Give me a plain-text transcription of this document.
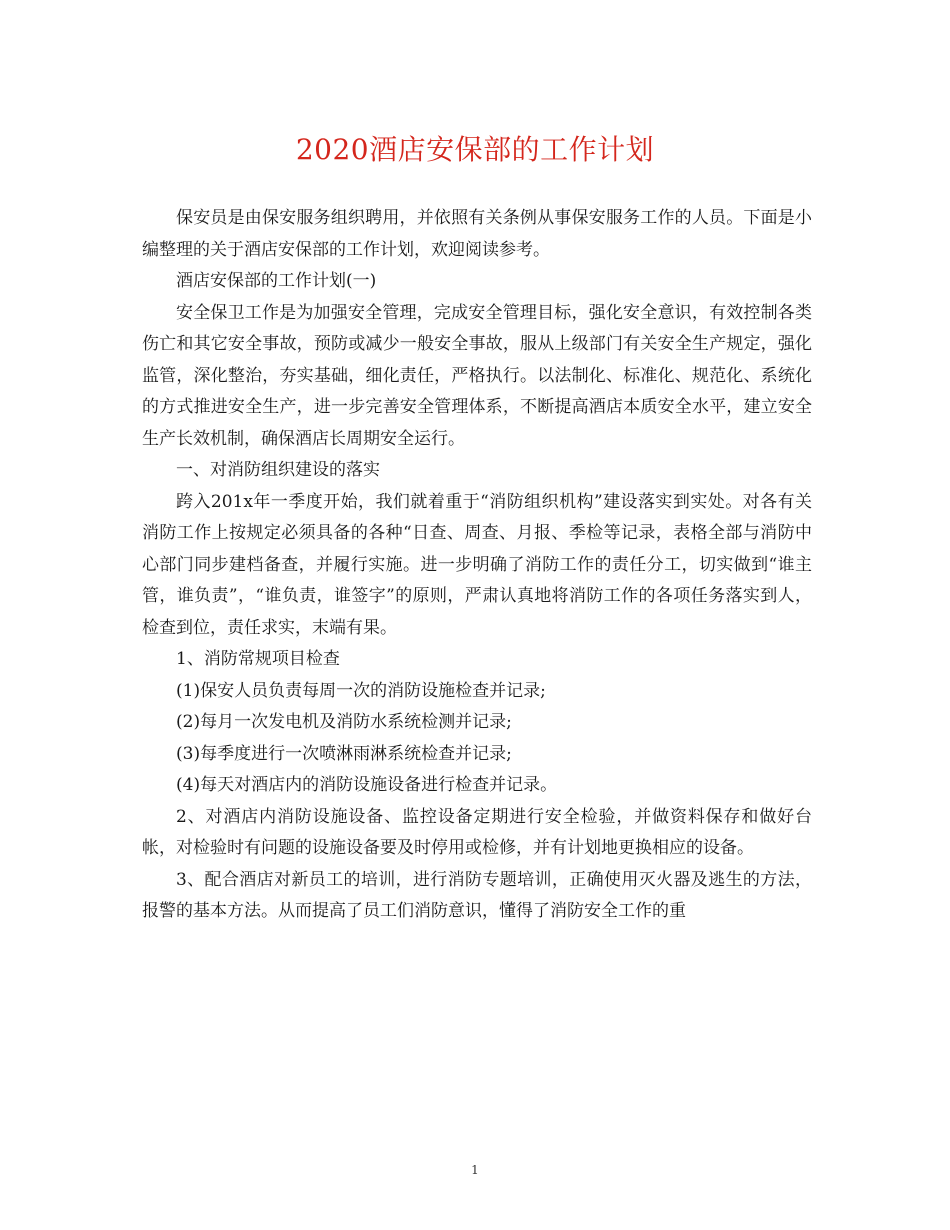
2020酒店安保部的工作计划

保安员是由保安服务组织聘用，并依照有关条例从事保安服务工作的人员。下面是小编整理的关于酒店安保部的工作计划，欢迎阅读参考。

酒店安保部的工作计划(一)

安全保卫工作是为加强安全管理，完成安全管理目标，强化安全意识，有效控制各类伤亡和其它安全事故，预防或减少一般安全事故，服从上级部门有关安全生产规定，强化监管，深化整治，夯实基础，细化责任，严格执行。以法制化、标准化、规范化、系统化的方式推进安全生产，进一步完善安全管理体系，不断提高酒店本质安全水平，建立安全生产长效机制，确保酒店长周期安全运行。

一、对消防组织建设的落实

跨入201x年一季度开始，我们就着重于“消防组织机构”建设落实到实处。对各有关消防工作上按规定必须具备的各种“日查、周查、月报、季检等记录，表格全部与消防中心部门同步建档备查，并履行实施。进一步明确了消防工作的责任分工，切实做到“谁主管，谁负责”，“谁负责，谁签字”的原则，严肃认真地将消防工作的各项任务落实到人，检查到位，责任求实，末端有果。

1、消防常规项目检查

(1)保安人员负责每周一次的消防设施检查并记录;

(2)每月一次发电机及消防水系统检测并记录;

(3)每季度进行一次喷淋雨淋系统检查并记录;

(4)每天对酒店内的消防设施设备进行检查并记录。

2、对酒店内消防设施设备、监控设备定期进行安全检验，并做资料保存和做好台帐，对检验时有问题的设施设备要及时停用或检修，并有计划地更换相应的设备。

3、配合酒店对新员工的培训，进行消防专题培训，正确使用灭火器及逃生的方法，报警的基本方法。从而提高了员工们消防意识，懂得了消防安全工作的重

1
